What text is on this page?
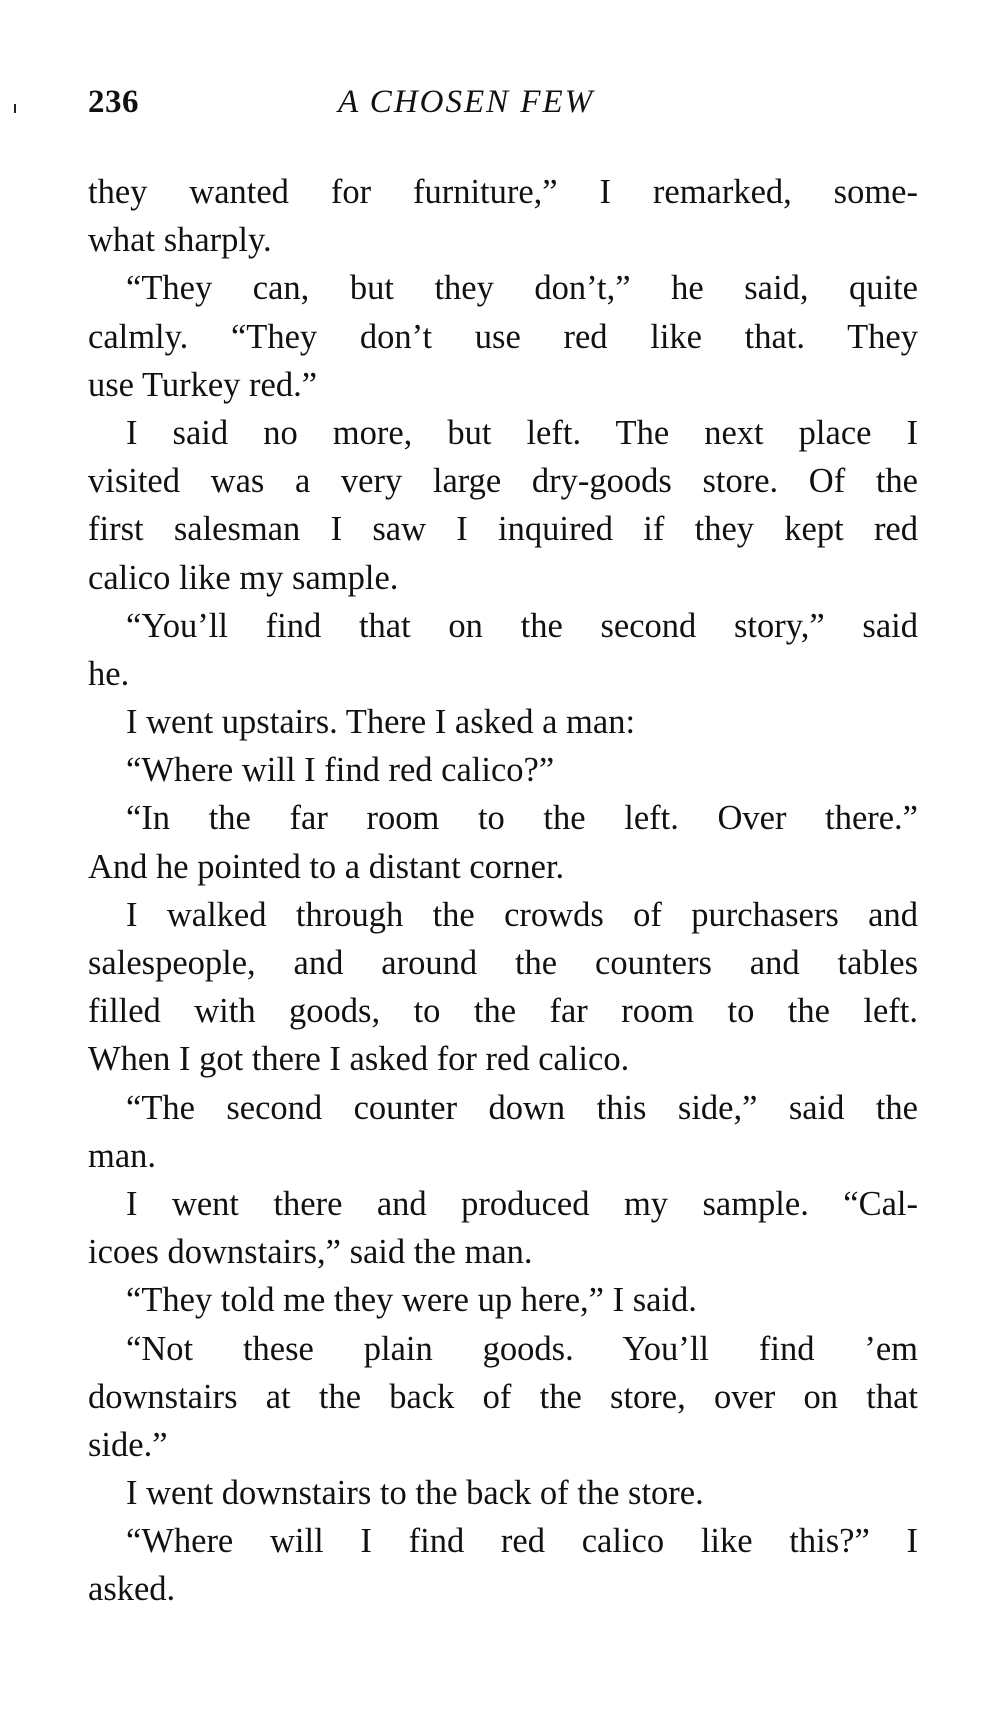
236	A CHOSEN FEW
they wanted for furniture,” I remarked, some-
what sharply.
“They can, but they don’t,” he said, quite
calmly. “They don’t use red like that. They
use Turkey red.”
I said no more, but left. The next place I
visited was a very large dry-goods store. Of the
first salesman I saw I inquired if they kept red
calico like my sample.
“You’ll find that on the second story,” said
he.
I went upstairs. There I asked a man:
“Where will I find red calico?”
“In the far room to the left. Over there.”
And he pointed to a distant corner.
I walked through the crowds of purchasers and
salespeople, and around the counters and tables
filled with goods, to the far room to the left.
When I got there I asked for red calico.
“The second counter down this side,” said the
man.
I went there and produced my sample. “Cal-
icoes downstairs,” said the man.
“They told me they were up here,” I said.
“Not these plain goods. You’ll find ’em
downstairs at the back of the store, over on that
side.”
I went downstairs to the back of the store.
“Where will I find red calico like this?” I
asked.
